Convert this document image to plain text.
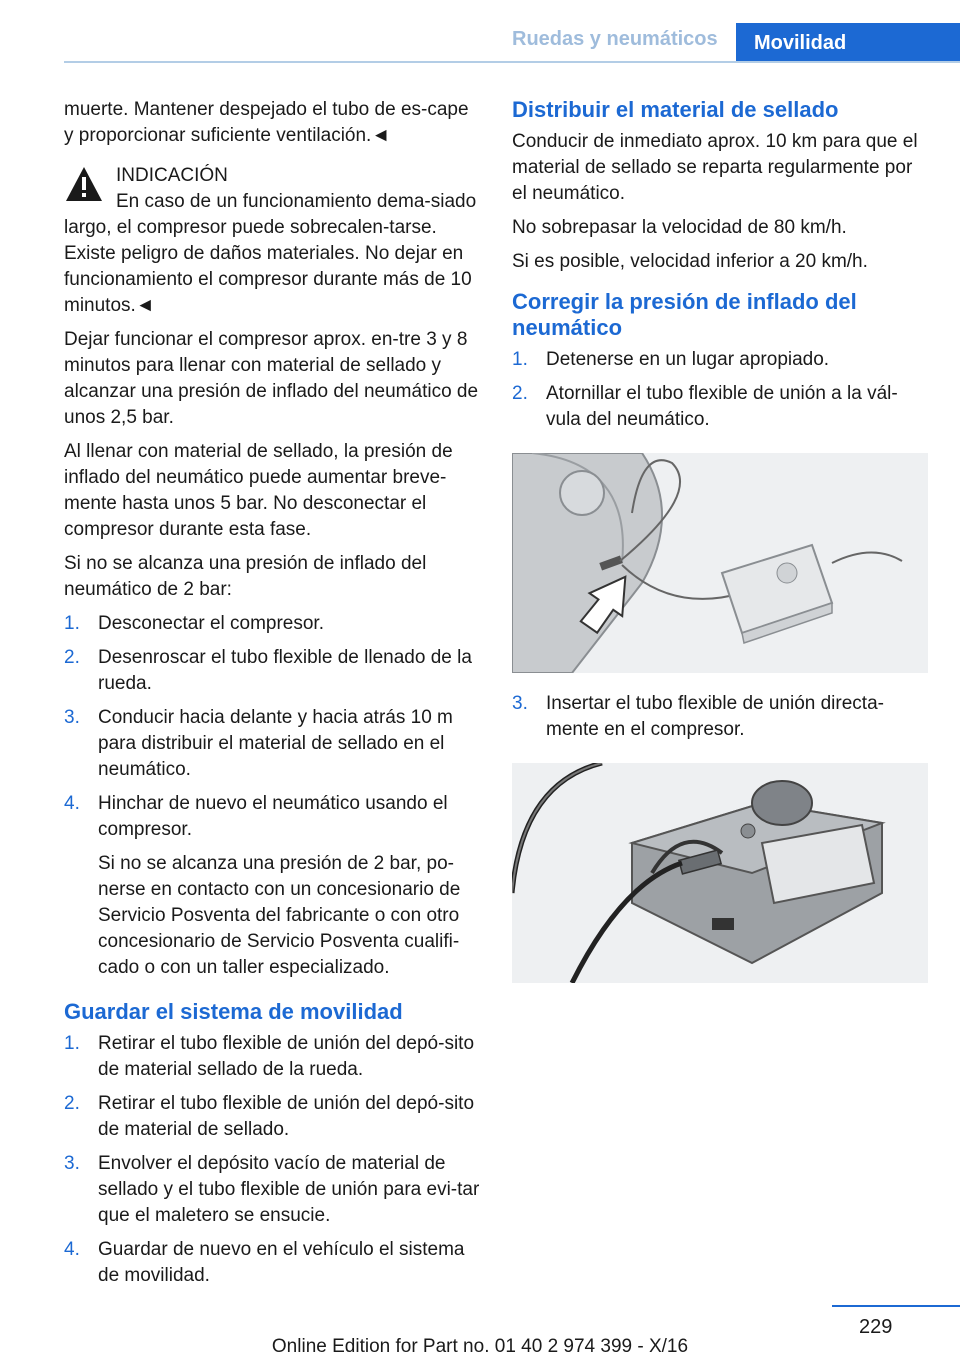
Ruedas y neumáticos	Movilidad

muerte. Mantener despejado el tubo de es-cape y proporcionar suficiente ventilación.◄

INDICACIÓN
En caso de un funcionamiento dema-siado largo, el compresor puede sobrecalen-tarse. Existe peligro de daños materiales. No dejar en funcionamiento el compresor durante más de 10 minutos.◄

Dejar funcionar el compresor aprox. en-tre 3 y 8 minutos para llenar con material de sellado y alcanzar una presión de inflado del neumático de unos 2,5 bar.

Al llenar con material de sellado, la presión de inflado del neumático puede aumentar breve-mente hasta unos 5 bar. No desconectar el compresor durante esta fase.

Si no se alcanza una presión de inflado del neumático de 2 bar:

1. Desconectar el compresor.
2. Desenroscar el tubo flexible de llenado de la rueda.
3. Conducir hacia delante y hacia atrás 10 m para distribuir el material de sellado en el neumático.
4. Hinchar de nuevo el neumático usando el compresor.
Si no se alcanza una presión de 2 bar, po-nerse en contacto con un concesionario de Servicio Posventa del fabricante o con otro concesionario de Servicio Posventa cualifi-cado o con un taller especializado.
Guardar el sistema de movilidad
1. Retirar el tubo flexible de unión del depó-sito de material sellado de la rueda.
2. Retirar el tubo flexible de unión del depó-sito de material de sellado.
3. Envolver el depósito vacío de material de sellado y el tubo flexible de unión para evi-tar que el maletero se ensucie.
4. Guardar de nuevo en el vehículo el sistema de movilidad.
Distribuir el material de sellado

Conducir de inmediato aprox. 10 km para que el material de sellado se reparta regularmente por el neumático.

No sobrepasar la velocidad de 80 km/h.

Si es posible, velocidad inferior a 20 km/h.

Corregir la presión de inflado del neumático
1. Detenerse en un lugar apropiado.
2. Atornillar el tubo flexible de unión a la vál-vula del neumático.
3. Insertar el tubo flexible de unión directa-mente en el compresor.
229
Online Edition for Part no. 01 40 2 974 399 - X/16
